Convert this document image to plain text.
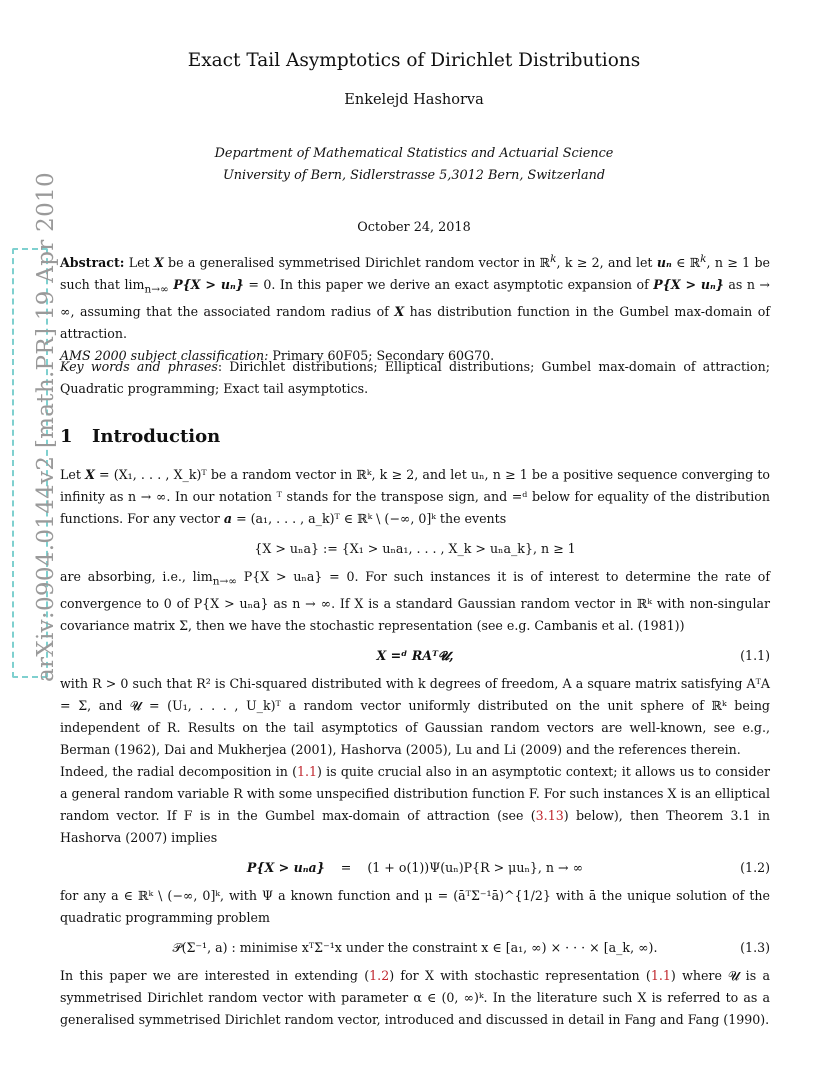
arXiv:0904.0144v2 [math.PR] 19 Apr 2010
Exact Tail Asymptotics of Dirichlet Distributions
Enkelejd Hashorva
Department of Mathematical Statistics and Actuarial Science
University of Bern, Sidlerstrasse 5,3012 Bern, Switzerland
October 24, 2018

Abstract: Let X be a generalised symmetrised Dirichlet random vector in ℝ$^k$, k ≥ 2, and let uₙ ∈ ℝ$^k$, n ≥ 1 be such that $\lim_{n\to\infty} P\{X > u_n\} = 0$. In this paper we derive an exact asymptotic expansion of P{X > uₙ} as n → ∞, assuming that the associated random radius of X has distribution function in the Gumbel max-domain of attraction.

AMS 2000 subject classification: Primary 60F05; Secondary 60G70.

Key words and phrases: Dirichlet distributions; Elliptical distributions; Gumbel max-domain of attraction; Quadratic programming; Exact tail asymptotics.

1 Introduction

Let X = (X₁, . . . , X_k)ᵀ be a random vector in ℝᵏ, k ≥ 2, and let uₙ, n ≥ 1 be a positive sequence converging to infinity as n → ∞. In our notation ᵀ stands for the transpose sign, and =ᵈ below for equality of the distribution functions. For any vector a = (a₁, . . . , a_k)ᵀ ∈ ℝᵏ \ (−∞, 0]ᵏ the events

{X > uₙa} := {X₁ > uₙa₁, . . . , X_k > uₙa_k}, n ≥ 1

are absorbing, i.e., $\lim_{n\to\infty} P\{X > u_na\} = 0$. For such instances it is of interest to determine the rate of convergence to 0 of P{X > uₙa} as n → ∞. If X is a standard Gaussian random vector in ℝᵏ with non-singular covariance matrix Σ, then we have the stochastic representation (see e.g. Cambanis et al. (1981))

X =ᵈ RAᵀ𝓤,	(1.1)

with R > 0 such that R² is Chi-squared distributed with k degrees of freedom, A a square matrix satisfying AᵀA = Σ, and 𝓤 = (U₁, . . . , U_k)ᵀ a random vector uniformly distributed on the unit sphere of ℝᵏ being independent of R. Results on the tail asymptotics of Gaussian random vectors are well-known, see e.g., Berman (1962), Dai and Mukherjea (2001), Hashorva (2005), Lu and Li (2009) and the references therein.

Indeed, the radial decomposition in (1.1) is quite crucial also in an asymptotic context; it allows us to consider a general random variable R with some unspecified distribution function F. For such instances X is an elliptical random vector. If F is in the Gumbel max-domain of attraction (see (3.13) below), then Theorem 3.1 in Hashorva (2007) implies

P{X > uₙa} = (1 + o(1))Ψ(uₙ)P{R > μuₙ}, n → ∞	(1.2)

for any a ∈ ℝᵏ \ (−∞, 0]ᵏ, with Ψ a known function and μ = (āᵀΣ⁻¹ā)^{1/2} with ā the unique solution of the quadratic programming problem

𝒫(Σ⁻¹, a) : minimise xᵀΣ⁻¹x under the constraint x ∈ [a₁, ∞) × · · · × [a_k, ∞).	(1.3)

In this paper we are interested in extending (1.2) for X with stochastic representation (1.1) where 𝓤 is a symmetrised Dirichlet random vector with parameter α ∈ (0, ∞)ᵏ. In the literature such X is referred to as a generalised symmetrised Dirichlet random vector, introduced and discussed in detail in Fang and Fang (1990).
